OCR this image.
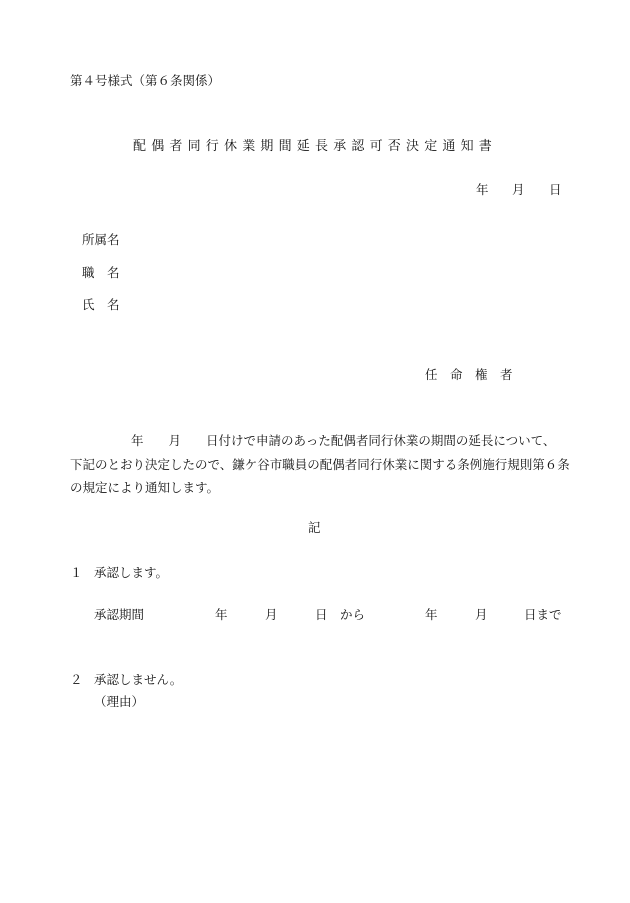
第４号様式（第６条関係）
配偶者同行休業期間延長承認可否決定通知書
年 月 日
所属名
職　名
氏　名
任　命　権　者
年　　月　　日付けで申請のあった配偶者同行休業の期間の延長について、
下記のとおり決定したので、鎌ケ谷市職員の配偶者同行休業に関する条例施行規則第６条
の規定により通知します。
記
１ 承認します。
承認期間	年	月	日 から	年	月	日まで
２ 承認しません。
（理由）
